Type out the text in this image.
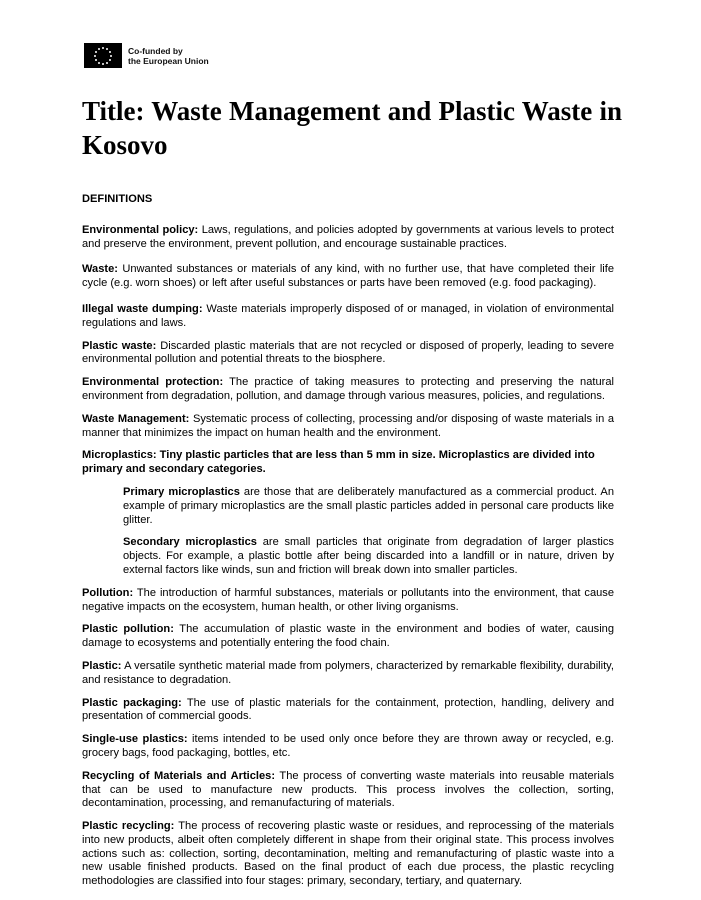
Co-funded by
the European Union
Title: Waste Management and Plastic Waste in Kosovo
DEFINITIONS

Environmental policy: Laws, regulations, and policies adopted by governments at various levels to protect and preserve the environment, prevent pollution, and encourage sustainable practices.

Waste: Unwanted substances or materials of any kind, with no further use, that have completed their life cycle (e.g. worn shoes) or left after useful substances or parts have been removed (e.g. food packaging).

Illegal waste dumping: Waste materials improperly disposed of or managed, in violation of environmental regulations and laws.

Plastic waste: Discarded plastic materials that are not recycled or disposed of properly, leading to severe environmental pollution and potential threats to the biosphere.

Environmental protection: The practice of taking measures to protecting and preserving the natural environment from degradation, pollution, and damage through various measures, policies, and regulations.

Waste Management: Systematic process of collecting, processing and/or disposing of waste materials in a manner that minimizes the impact on human health and the environment.

Microplastics: Tiny plastic particles that are less than 5 mm in size. Microplastics are divided into primary and secondary categories.

Primary microplastics are those that are deliberately manufactured as a commercial product. An example of primary microplastics are the small plastic particles added in personal care products like glitter.

Secondary microplastics are small particles that originate from degradation of larger plastics objects. For example, a plastic bottle after being discarded into a landfill or in nature, driven by external factors like winds, sun and friction will break down into smaller particles.

Pollution: The introduction of harmful substances, materials or pollutants into the environment, that cause negative impacts on the ecosystem, human health, or other living organisms.

Plastic pollution: The accumulation of plastic waste in the environment and bodies of water, causing damage to ecosystems and potentially entering the food chain.

Plastic: A versatile synthetic material made from polymers, characterized by remarkable flexibility, durability, and resistance to degradation.

Plastic packaging: The use of plastic materials for the containment, protection, handling, delivery and presentation of commercial goods.

Single-use plastics: items intended to be used only once before they are thrown away or recycled, e.g. grocery bags, food packaging, bottles, etc.

Recycling of Materials and Articles: The process of converting waste materials into reusable materials that can be used to manufacture new products. This process involves the collection, sorting, decontamination, processing, and remanufacturing of materials.

Plastic recycling: The process of recovering plastic waste or residues, and reprocessing of the materials into new products, albeit often completely different in shape from their original state. This process involves actions such as: collection, sorting, decontamination, melting and remanufacturing of plastic waste into a new usable finished products. Based on the final product of each due process, the plastic recycling methodologies are classified into four stages: primary, secondary, tertiary, and quaternary.
